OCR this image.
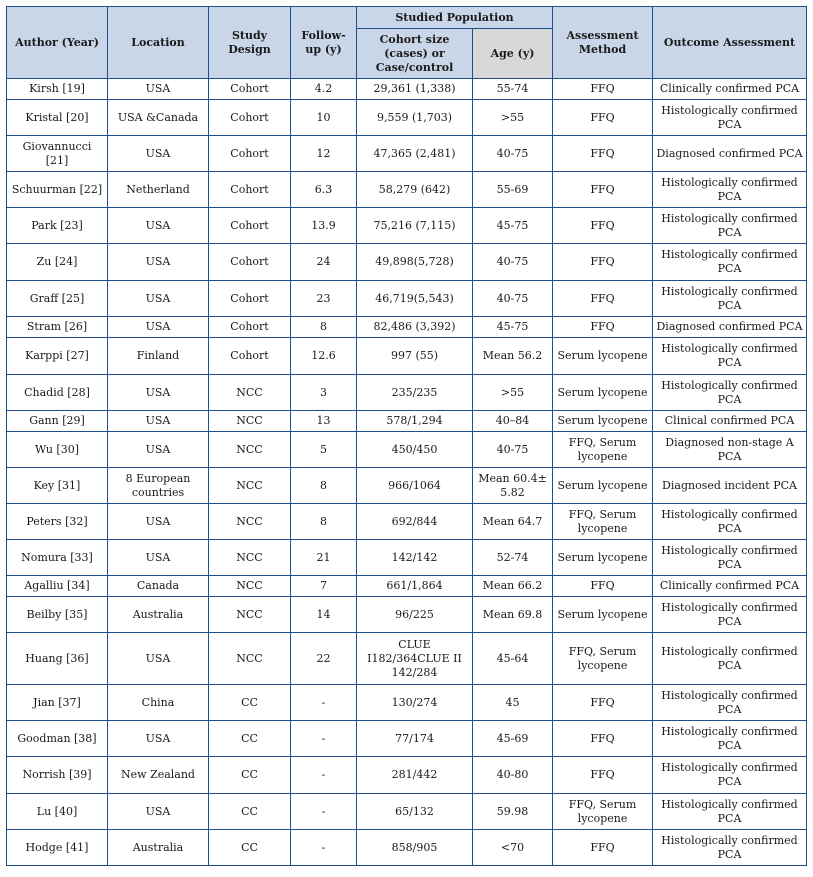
Author (Year)	Location	Study Design	Follow-up (y)	Studied Population		Assessment Method	Outcome Assessment
				Cohort size (cases) or Case/control	Age (y)		
Kirsh [19]	USA	Cohort	4.2	29,361 (1,338)	55-74	FFQ	Clinically confirmed PCA
Kristal [20]	USA &Canada	Cohort	10	9,559 (1,703)	>55	FFQ	Histologically confirmed PCA
Giovannucci [21]	USA	Cohort	12	47,365 (2,481)	40-75	FFQ	Diagnosed confirmed PCA
Schuurman [22]	Netherland	Cohort	6.3	58,279 (642)	55-69	FFQ	Histologically confirmed PCA
Park [23]	USA	Cohort	13.9	75,216 (7,115)	45-75	FFQ	Histologically confirmed PCA
Zu [24]	USA	Cohort	24	49,898(5,728)	40-75	FFQ	Histologically confirmed PCA
Graff [25]	USA	Cohort	23	46,719(5,543)	40-75	FFQ	Histologically confirmed PCA
Stram [26]	USA	Cohort	8	82,486 (3,392)	45-75	FFQ	Diagnosed confirmed PCA
Karppi [27]	Finland	Cohort	12.6	997 (55)	Mean 56.2	Serum lycopene	Histologically confirmed PCA
Chadid [28]	USA	NCC	3	235/235	>55	Serum lycopene	Histologically confirmed PCA
Gann [29]	USA	NCC	13	578/1,294	40–84	Serum lycopene	Clinical confirmed PCA
Wu [30]	USA	NCC	5	450/450	40-75	FFQ, Serum lycopene	Diagnosed non-stage A PCA
Key [31]	8 European countries	NCC	8	966/1064	Mean 60.4± 5.82	Serum lycopene	Diagnosed incident PCA
Peters [32]	USA	NCC	8	692/844	Mean 64.7	FFQ, Serum lycopene	Histologically confirmed PCA
Nomura [33]	USA	NCC	21	142/142	52-74	Serum lycopene	Histologically confirmed PCA
Agalliu [34]	Canada	NCC	7	661/1,864	Mean 66.2	FFQ	Clinically confirmed PCA
Beilby [35]	Australia	NCC	14	96/225	Mean 69.8	Serum lycopene	Histologically confirmed PCA
Huang [36]	USA	NCC	22	CLUE I182/364CLUE II 142/284	45-64	FFQ, Serum lycopene	Histologically confirmed PCA
Jian [37]	China	CC	-	130/274	45	FFQ	Histologically confirmed PCA
Goodman [38]	USA	CC	-	77/174	45-69	FFQ	Histologically confirmed PCA
Norrish [39]	New Zealand	CC	-	281/442	40-80	FFQ	Histologically confirmed PCA
Lu [40]	USA	CC	-	65/132	59.98	FFQ, Serum lycopene	Histologically confirmed PCA
Hodge [41]	Australia	CC	-	858/905	<70	FFQ	Histologically confirmed PCA
